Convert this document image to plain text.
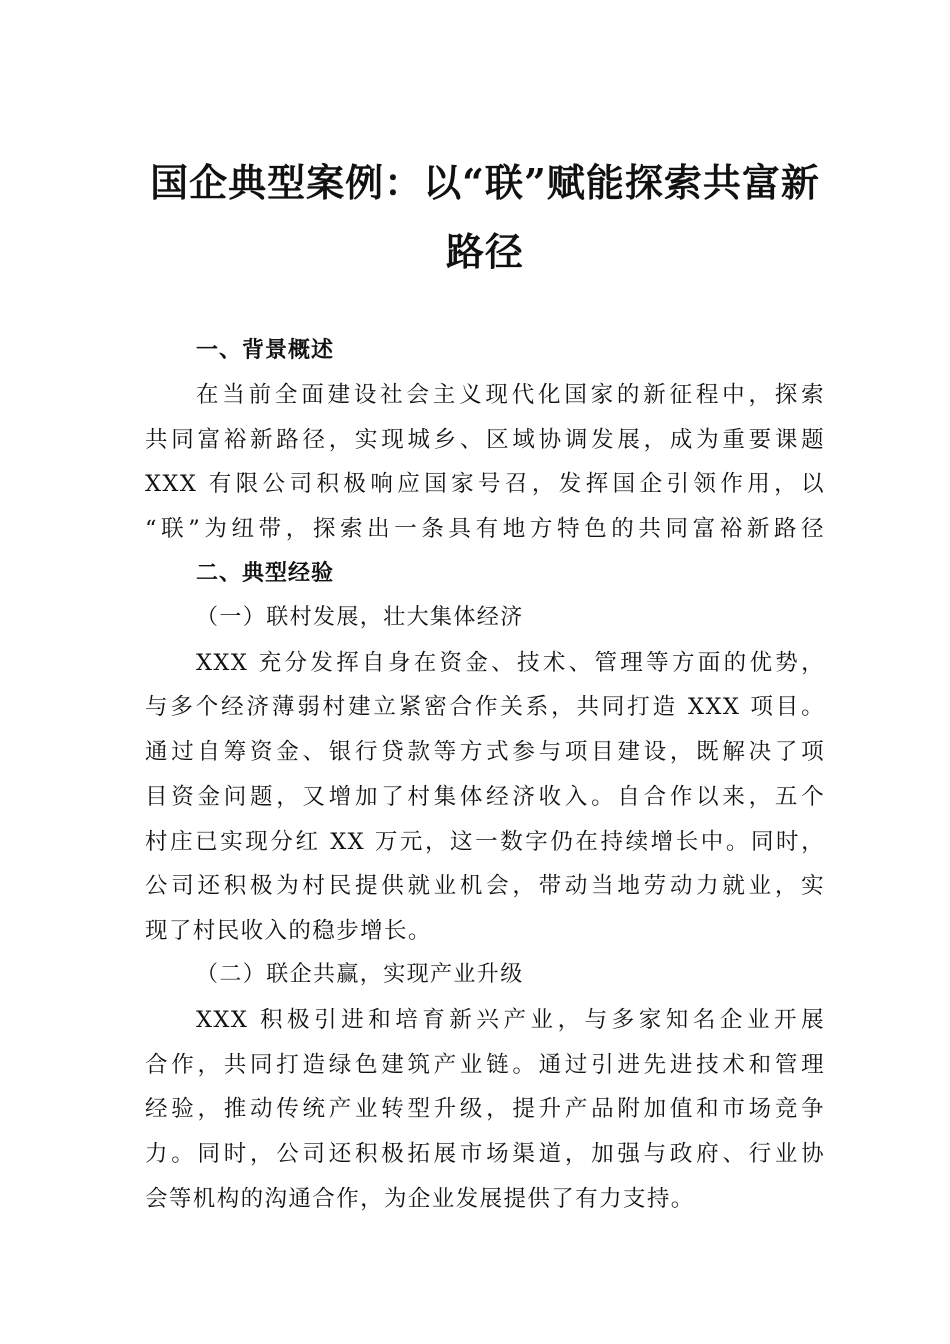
国企典型案例：以“联”赋能探索共富新
路径
一、背景概述
在当前全面建设社会主义现代化国家的新征程中，探索
共同富裕新路径，实现城乡、区域协调发展，成为重要课题
XXX 有限公司积极响应国家号召，发挥国企引领作用，以
“联”为纽带，探索出一条具有地方特色的共同富裕新路径
二、典型经验
（一）联村发展，壮大集体经济
XXX 充分发挥自身在资金、技术、管理等方面的优势，
与多个经济薄弱村建立紧密合作关系，共同打造 XXX 项目。
通过自筹资金、银行贷款等方式参与项目建设，既解决了项
目资金问题，又增加了村集体经济收入。自合作以来，五个
村庄已实现分红 XX 万元，这一数字仍在持续增长中。同时，
公司还积极为村民提供就业机会，带动当地劳动力就业，实
现了村民收入的稳步增长。
（二）联企共赢，实现产业升级
XXX 积极引进和培育新兴产业，与多家知名企业开展
合作，共同打造绿色建筑产业链。通过引进先进技术和管理
经验，推动传统产业转型升级，提升产品附加值和市场竞争
力。同时，公司还积极拓展市场渠道，加强与政府、行业协
会等机构的沟通合作，为企业发展提供了有力支持。
